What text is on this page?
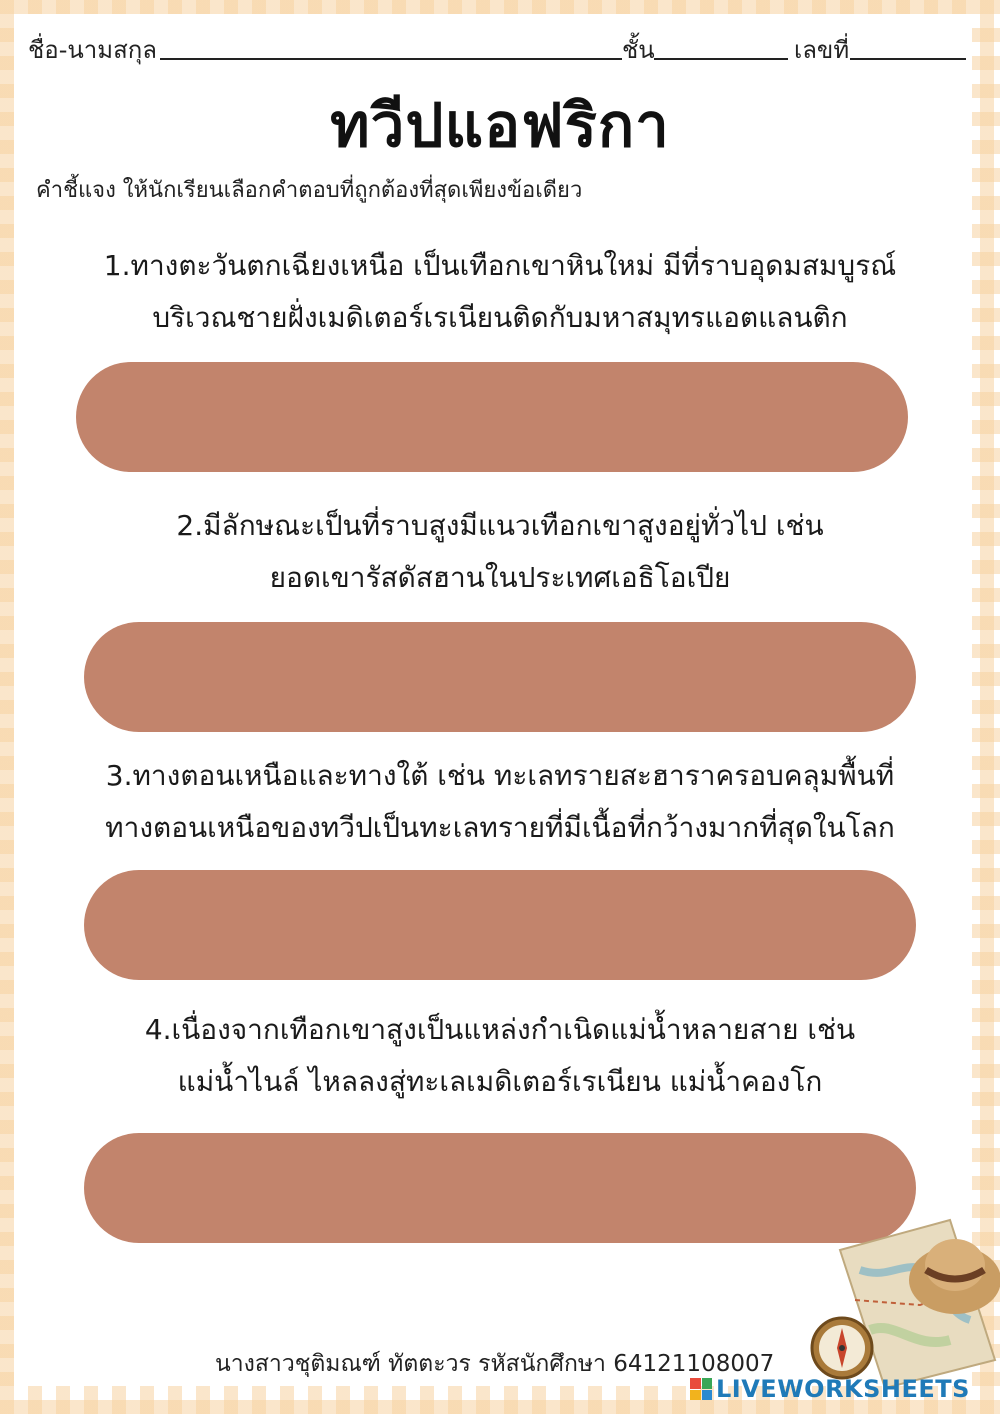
ชื่อ-นามสกุล	ชั้น	เลขที่
ทวีปแอฟริกา
คำชี้แจง ให้นักเรียนเลือกคำตอบที่ถูกต้องที่สุดเพียงข้อเดียว
1.ทางตะวันตกเฉียงเหนือ เป็นเทือกเขาหินใหม่ มีที่ราบอุดมสมบูรณ์
บริเวณชายฝั่งเมดิเตอร์เรเนียนติดกับมหาสมุทรแอตแลนติก
2.มีลักษณะเป็นที่ราบสูงมีแนวเทือกเขาสูงอยู่ทั่วไป เช่น
ยอดเขารัสดัสฮานในประเทศเอธิโอเปีย
3.ทางตอนเหนือและทางใต้ เช่น ทะเลทรายสะฮาราครอบคลุมพื้นที่
ทางตอนเหนือของทวีปเป็นทะเลทรายที่มีเนื้อที่กว้างมากที่สุดในโลก
4.เนื่องจากเทือกเขาสูงเป็นแหล่งกำเนิดแม่น้ำหลายสาย เช่น
แม่น้ำไนล์ ไหลลงสู่ทะเลเมดิเตอร์เรเนียน แม่น้ำคองโก
นางสาวชุติมณฑ์ ทัตตะวร รหัสนักศึกษา 64121108007
LIVEWORKSHEETS
